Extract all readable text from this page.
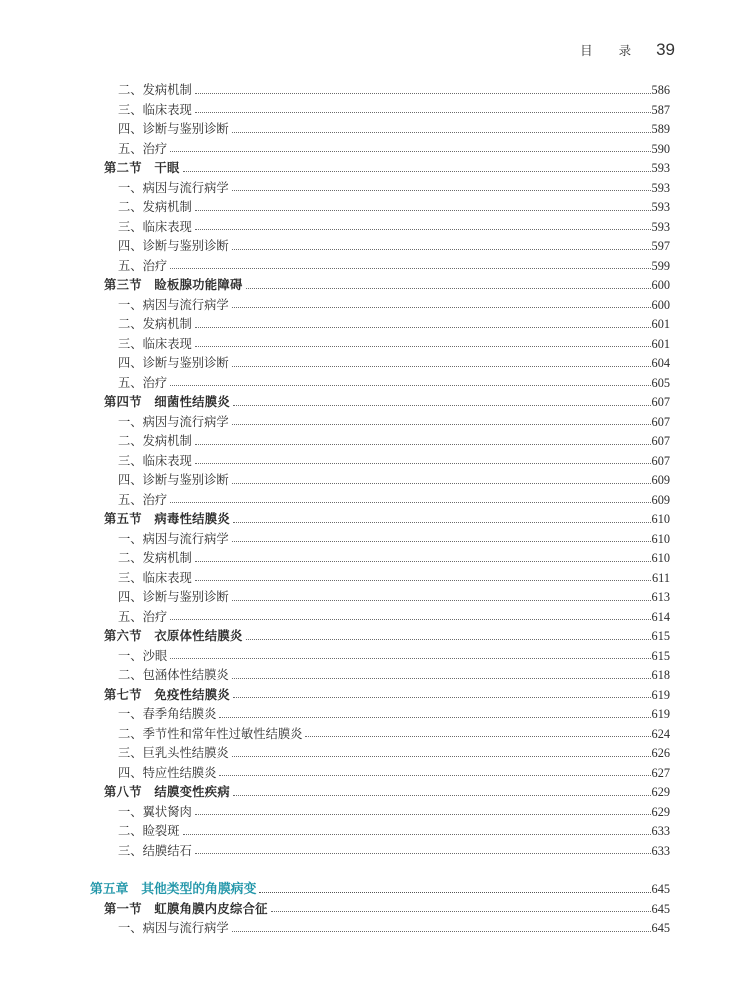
目 录 39
二、发病机制	586
三、临床表现	587
四、诊断与鉴别诊断	589
五、治疗	590
第二节　干眼	593
一、病因与流行病学	593
二、发病机制	593
三、临床表现	593
四、诊断与鉴别诊断	597
五、治疗	599
第三节　睑板腺功能障碍	600
一、病因与流行病学	600
二、发病机制	601
三、临床表现	601
四、诊断与鉴别诊断	604
五、治疗	605
第四节　细菌性结膜炎	607
一、病因与流行病学	607
二、发病机制	607
三、临床表现	607
四、诊断与鉴别诊断	609
五、治疗	609
第五节　病毒性结膜炎	610
一、病因与流行病学	610
二、发病机制	610
三、临床表现	611
四、诊断与鉴别诊断	613
五、治疗	614
第六节　衣原体性结膜炎	615
一、沙眼	615
二、包涵体性结膜炎	618
第七节　免疫性结膜炎	619
一、春季角结膜炎	619
二、季节性和常年性过敏性结膜炎	624
三、巨乳头性结膜炎	626
四、特应性结膜炎	627
第八节　结膜变性疾病	629
一、翼状胬肉	629
二、睑裂斑	633
三、结膜结石	633
第五章　其他类型的角膜病变	645
第一节　虹膜角膜内皮综合征	645
一、病因与流行病学	645
